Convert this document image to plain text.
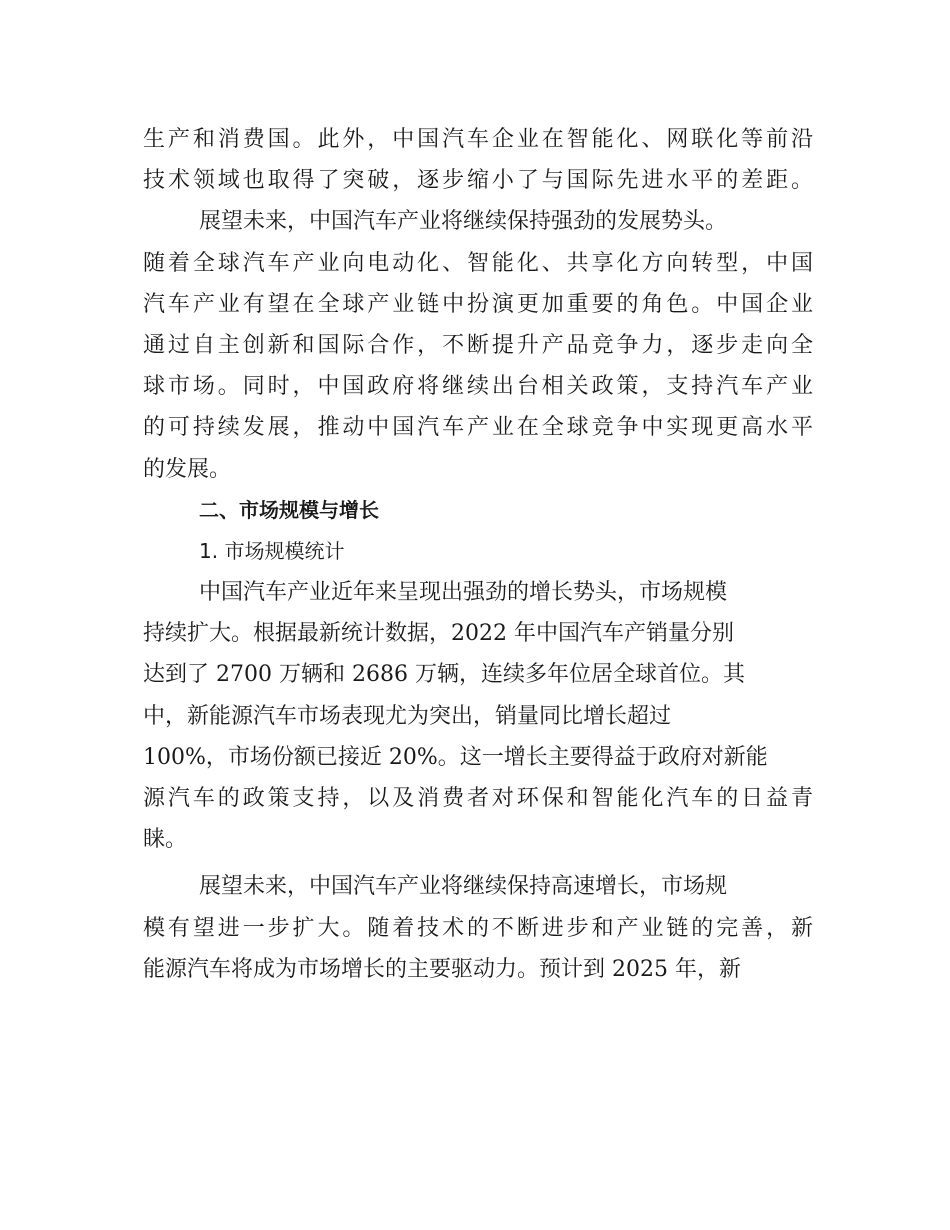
生产和消费国。此外，中国汽车企业在智能化、网联化等前沿
技术领域也取得了突破，逐步缩小了与国际先进水平的差距。
展望未来，中国汽车产业将继续保持强劲的发展势头。
随着全球汽车产业向电动化、智能化、共享化方向转型，中国
汽车产业有望在全球产业链中扮演更加重要的角色。中国企业
通过自主创新和国际合作，不断提升产品竞争力，逐步走向全
球市场。同时，中国政府将继续出台相关政策，支持汽车产业
的可持续发展，推动中国汽车产业在全球竞争中实现更高水平
的发展。
二、市场规模与增长
1. 市场规模统计
中国汽车产业近年来呈现出强劲的增长势头，市场规模
持续扩大。根据最新统计数据，2022 年中国汽车产销量分别
达到了 2700 万辆和 2686 万辆，连续多年位居全球首位。其
中，新能源汽车市场表现尤为突出，销量同比增长超过
100%，市场份额已接近 20%。这一增长主要得益于政府对新能
源汽车的政策支持，以及消费者对环保和智能化汽车的日益青
睐。
展望未来，中国汽车产业将继续保持高速增长，市场规
模有望进一步扩大。随着技术的不断进步和产业链的完善，新
能源汽车将成为市场增长的主要驱动力。预计到 2025 年，新
